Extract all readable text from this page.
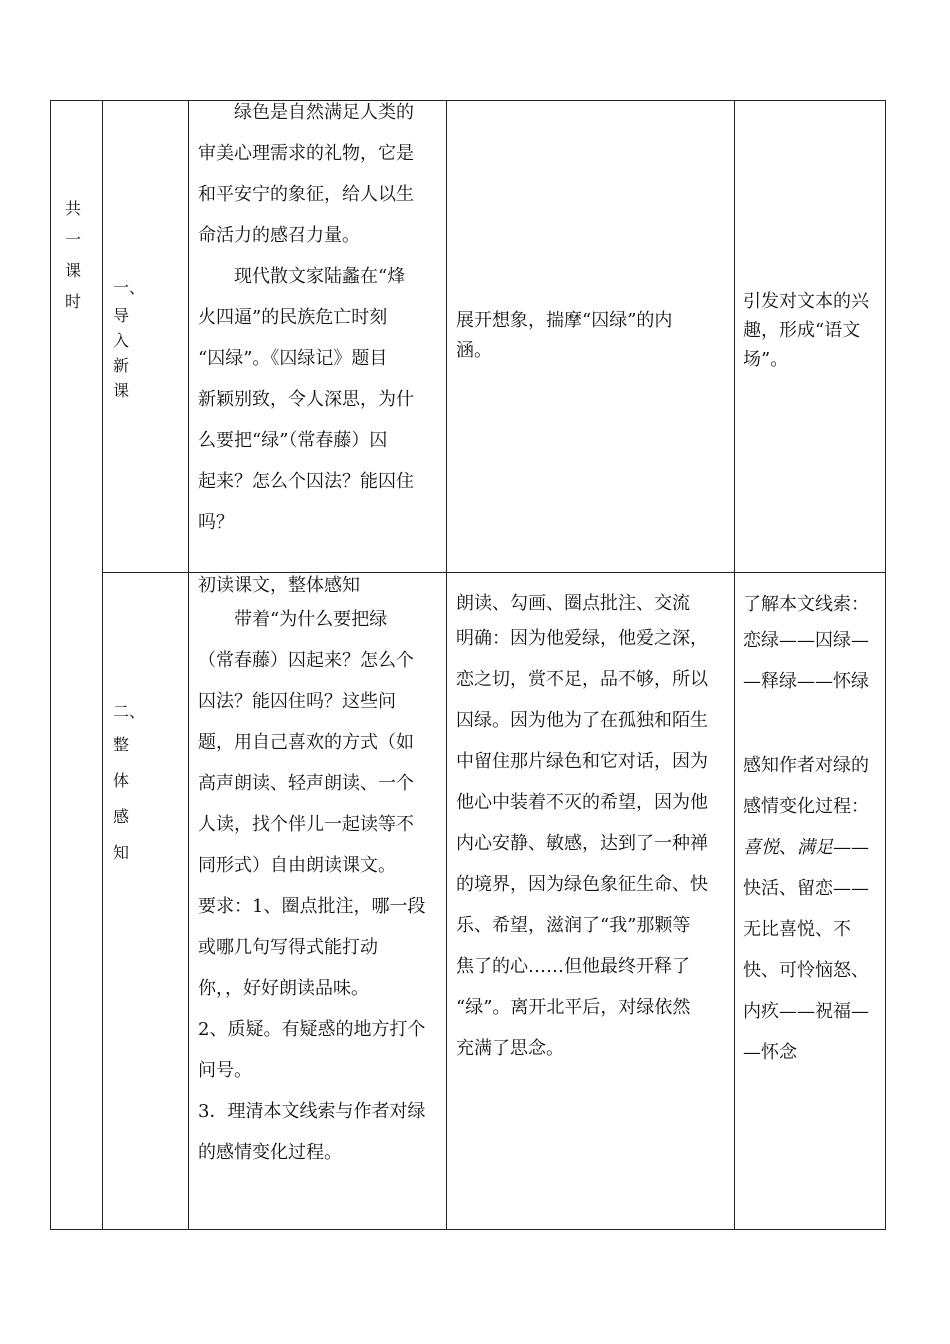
共

一

课

时

一、

导

入

新

课

绿色是自然满足人类的

审美心理需求的礼物，它是

和平安宁的象征，给人以生

命活力的感召力量。

现代散文家陆蠡在“烽

火四逼”的民族危亡时刻

“囚绿”。《囚绿记》题目

新颖别致，令人深思，为什

么要把“绿”（常春藤）囚

起来？怎么个囚法？能囚住

吗？

展开想象，揣摩“囚绿”的内

涵。

引发对文本的兴

趣，形成“语文

场”。

二、

整

体

感

知

初读课文，整体感知

带着“为什么要把绿

（常春藤）囚起来？怎么个

囚法？能囚住吗？这些问

题，用自己喜欢的方式（如

高声朗读、轻声朗读、一个

人读，找个伴儿一起读等不

同形式）自由朗读课文。

要求：1、圈点批注，哪一段

或哪几句写得式能打动

你，，好好朗读品味。

2、质疑。有疑惑的地方打个

问号。

3．理清本文线索与作者对绿

的感情变化过程。

朗读、勾画、圈点批注、交流

明确：因为他爱绿，他爱之深，

恋之切，赏不足，品不够，所以

囚绿。因为他为了在孤独和陌生

中留住那片绿色和它对话，因为

他心中装着不灭的希望，因为他

内心安静、敏感，达到了一种禅

的境界，因为绿色象征生命、快

乐、希望，滋润了“我”那颗等

焦了的心……但他最终开释了

“绿”。离开北平后，对绿依然

充满了思念。

了解本文线索：

恋绿——囚绿—

—释绿——怀绿

感知作者对绿的

感情变化过程：

喜悦、满足——

快活、留恋——

无比喜悦、不

快、可怜恼怒、

内疚——祝福—

—怀念
